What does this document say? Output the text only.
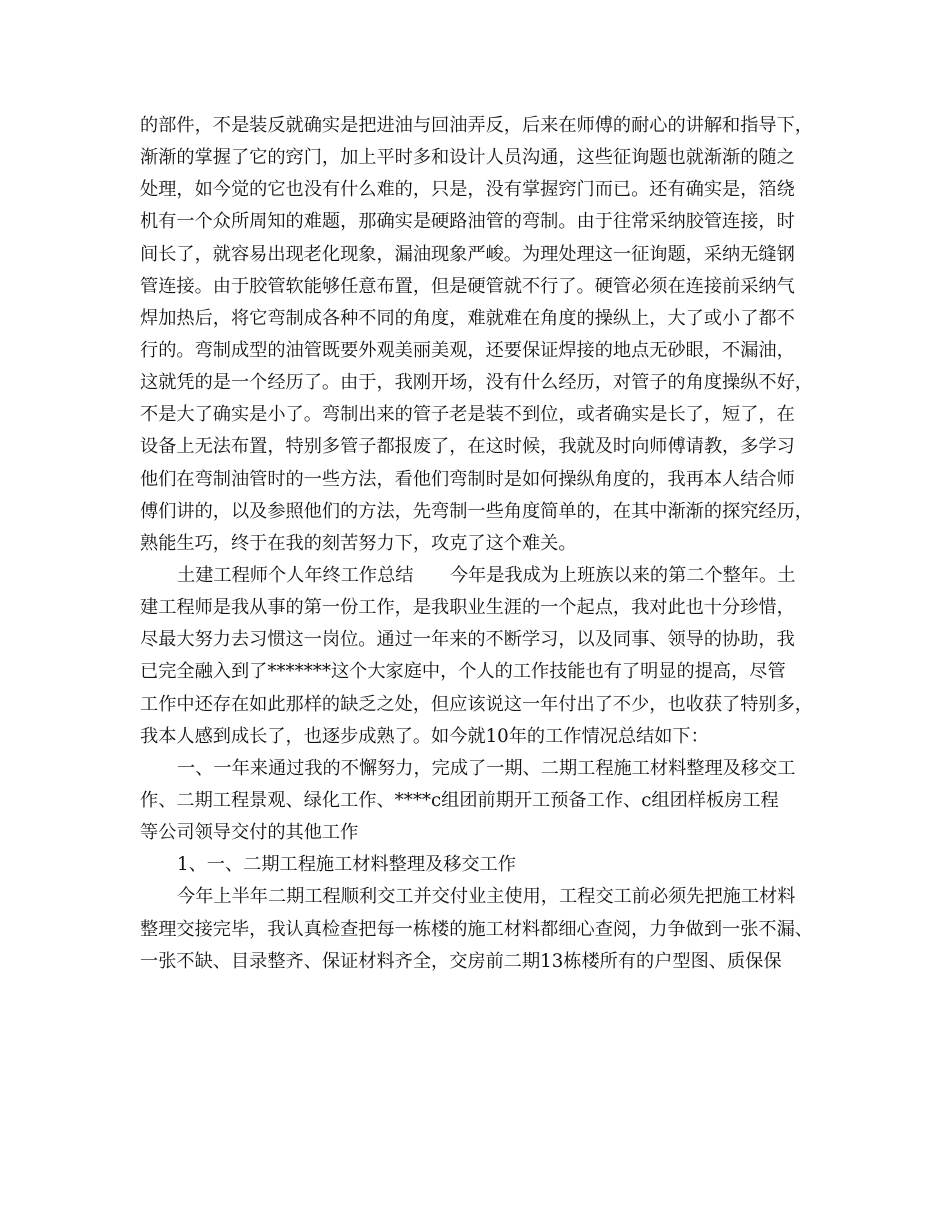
的部件，不是装反就确实是把进油与回油弄反，后来在师傅的耐心的讲解和指导下，
渐渐的掌握了它的窍门，加上平时多和设计人员沟通，这些征询题也就渐渐的随之
处理，如今觉的它也没有什么难的，只是，没有掌握窍门而已。还有确实是，箔绕
机有一个众所周知的难题，那确实是硬路油管的弯制。由于往常采纳胶管连接，时
间长了，就容易出现老化现象，漏油现象严峻。为理处理这一征询题，采纳无缝钢
管连接。由于胶管软能够任意布置，但是硬管就不行了。硬管必须在连接前采纳气
焊加热后，将它弯制成各种不同的角度，难就难在角度的操纵上，大了或小了都不
行的。弯制成型的油管既要外观美丽美观，还要保证焊接的地点无砂眼，不漏油，
这就凭的是一个经历了。由于，我刚开场，没有什么经历，对管子的角度操纵不好，
不是大了确实是小了。弯制出来的管子老是装不到位，或者确实是长了，短了，在
设备上无法布置，特别多管子都报废了，在这时候，我就及时向师傅请教，多学习
他们在弯制油管时的一些方法，看他们弯制时是如何操纵角度的，我再本人结合师
傅们讲的，以及参照他们的方法，先弯制一些角度简单的，在其中渐渐的探究经历，
熟能生巧，终于在我的刻苦努力下，攻克了这个难关。
土建工程师个人年终工作总结　　今年是我成为上班族以来的第二个整年。土
建工程师是我从事的第一份工作，是我职业生涯的一个起点，我对此也十分珍惜，
尽最大努力去习惯这一岗位。通过一年来的不断学习，以及同事、领导的协助，我
已完全融入到了*******这个大家庭中，个人的工作技能也有了明显的提高，尽管
工作中还存在如此那样的缺乏之处，但应该说这一年付出了不少，也收获了特别多，
我本人感到成长了，也逐步成熟了。如今就10年的工作情况总结如下：
一、一年来通过我的不懈努力，完成了一期、二期工程施工材料整理及移交工
作、二期工程景观、绿化工作、****c组团前期开工预备工作、c组团样板房工程
等公司领导交付的其他工作
1、一、二期工程施工材料整理及移交工作
今年上半年二期工程顺利交工并交付业主使用，工程交工前必须先把施工材料
整理交接完毕，我认真检查把每一栋楼的施工材料都细心查阅，力争做到一张不漏、
一张不缺、目录整齐、保证材料齐全，交房前二期13栋楼所有的户型图、质保保
